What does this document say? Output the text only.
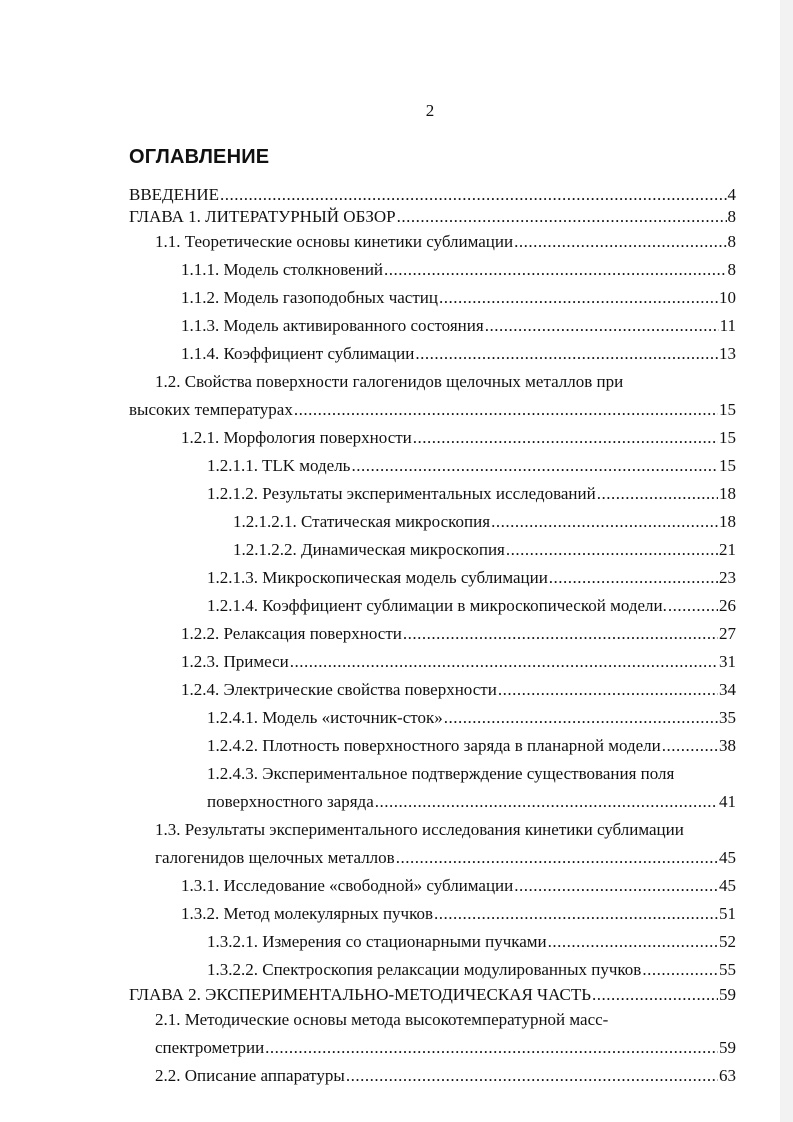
2
ОГЛАВЛЕНИЕ
ВВЕДЕНИЕ .....	4
ГЛАВА 1. ЛИТЕРАТУРНЫЙ ОБЗОР .....	8
1.1. Теоретические основы кинетики сублимации .....	8
1.1.1. Модель столкновений .....	8
1.1.2. Модель газоподобных частиц .....	10
1.1.3. Модель активированного состояния .....	11
1.1.4. Коэффициент сублимации .....	13
1.2. Свойства поверхности галогенидов щелочных металлов при
высоких температурах .....	15
1.2.1. Морфология поверхности .....	15
1.2.1.1. TLK модель .....	15
1.2.1.2. Результаты экспериментальных исследований .....	18
1.2.1.2.1. Статическая микроскопия .....	18
1.2.1.2.2. Динамическая микроскопия .....	21
1.2.1.3. Микроскопическая модель сублимации .....	23
1.2.1.4. Коэффициент сублимации в микроскопической модели. .....	26
1.2.2. Релаксация поверхности .....	27
1.2.3. Примеси .....	31
1.2.4. Электрические свойства поверхности .....	34
1.2.4.1. Модель «источник-сток» .....	35
1.2.4.2. Плотность поверхностного заряда в планарной модели .....	38
1.2.4.3. Экспериментальное подтверждение существования поля
поверхностного заряда .....	41
1.3. Результаты экспериментального исследования кинетики сублимации
галогенидов щелочных металлов .....	45
1.3.1. Исследование «свободной» сублимации .....	45
1.3.2. Метод молекулярных пучков .....	51
1.3.2.1. Измерения со стационарными пучками .....	52
1.3.2.2. Спектроскопия релаксации модулированных пучков .....	55
ГЛАВА 2. ЭКСПЕРИМЕНТАЛЬНО-МЕТОДИЧЕСКАЯ ЧАСТЬ .....	59
2.1. Методические основы метода высокотемпературной масс-
спектрометрии .....	59
2.2. Описание аппаратуры .....	63
